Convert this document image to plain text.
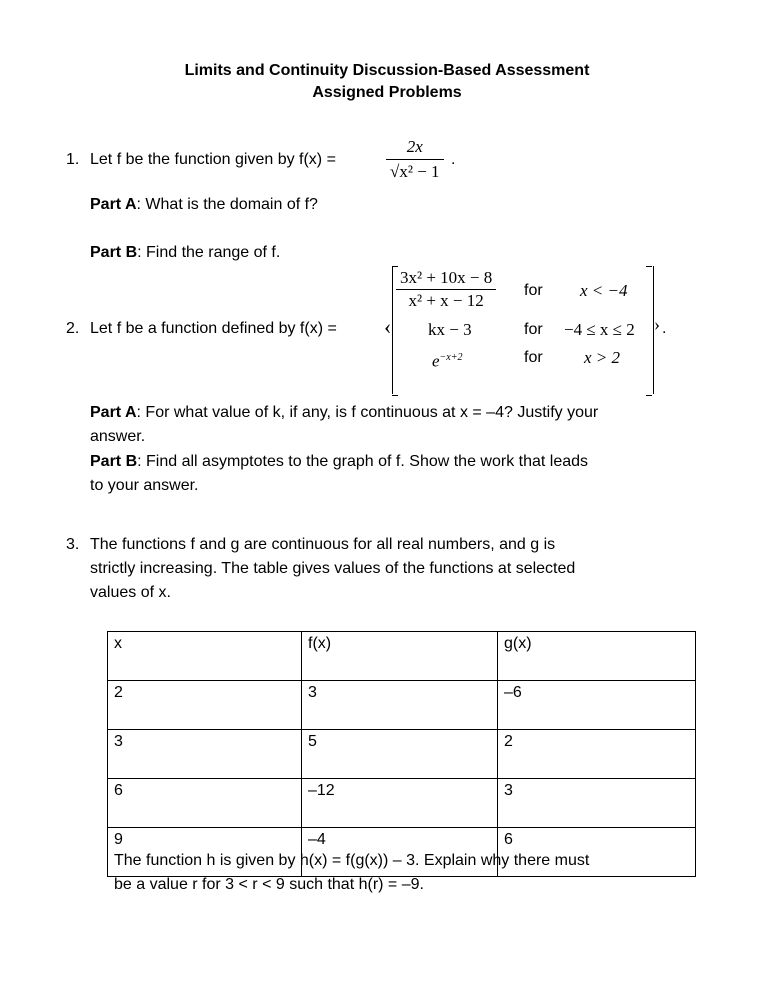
Limits and Continuity Discussion-Based Assessment
Assigned Problems
1. Let f be the function given by f(x) =	$\frac{2x}{\text{√x² − 1}}$ .
Part A: What is the domain of f?
Part B: Find the range of f.
2. Let f be a function defined by f(x) = ‹
$\frac{\text{3x² + 10x − 8}}{\text{x² + x − 12}}$ for x < −4
kx − 3	for −4 ≤ x ≤ 2
$e^{-x+2}$	for x > 2
› .
Part A: For what value of k, if any, is f continuous at x = –4? Justify your
answer.
Part B: Find all asymptotes to the graph of f. Show the work that leads
to your answer.
3. The functions f and g are continuous for all real numbers, and g is
strictly increasing. The table gives values of the functions at selected
values of x.
x	f(x)	g(x)
2	3	–6
3	5	2
6	–12	3
9	–4	6
The function h is given by h(x) = f(g(x)) – 3. Explain why there must
be a value r for 3 < r < 9 such that h(r) = –9.
